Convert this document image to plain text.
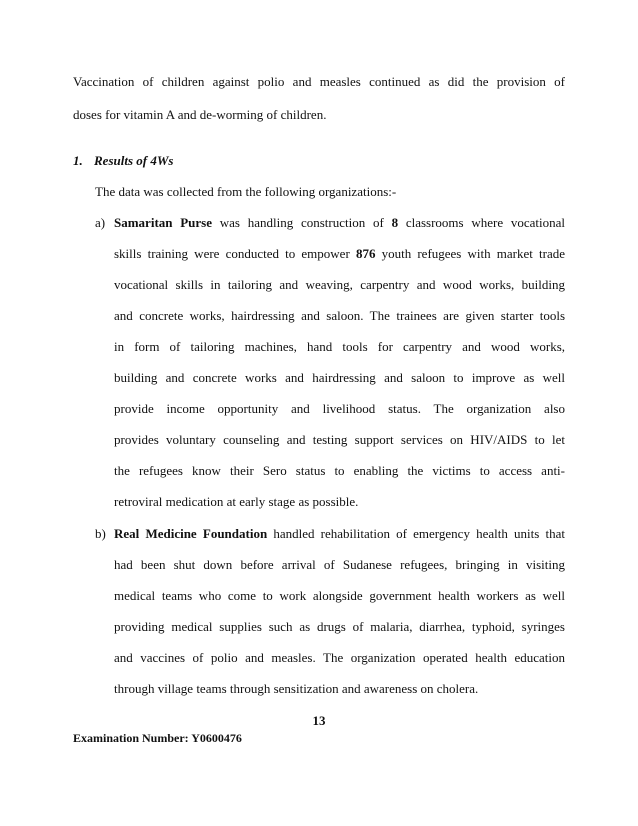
Vaccination of children against polio and measles continued as did the provision of
doses for vitamin A and de-worming of children.
1. Results of 4Ws
The data was collected from the following organizations:-
a) Samaritan Purse was handling construction of 8 classrooms where vocational
skills training were conducted to empower 876 youth refugees with market trade
vocational skills in tailoring and weaving, carpentry and wood works, building
and concrete works, hairdressing and saloon. The trainees are given starter tools
in form of tailoring machines, hand tools for carpentry and wood works,
building and concrete works and hairdressing and saloon to improve as well
provide income opportunity and livelihood status. The organization also
provides voluntary counseling and testing support services on HIV/AIDS to let
the refugees know their Sero status to enabling the victims to access anti-
retroviral medication at early stage as possible.
b) Real Medicine Foundation handled rehabilitation of emergency health units that
had been shut down before arrival of Sudanese refugees, bringing in visiting
medical teams who come to work alongside government health workers as well
providing medical supplies such as drugs of malaria, diarrhea, typhoid, syringes
and vaccines of polio and measles. The organization operated health education
through village teams through sensitization and awareness on cholera.
13
Examination Number: Y0600476
